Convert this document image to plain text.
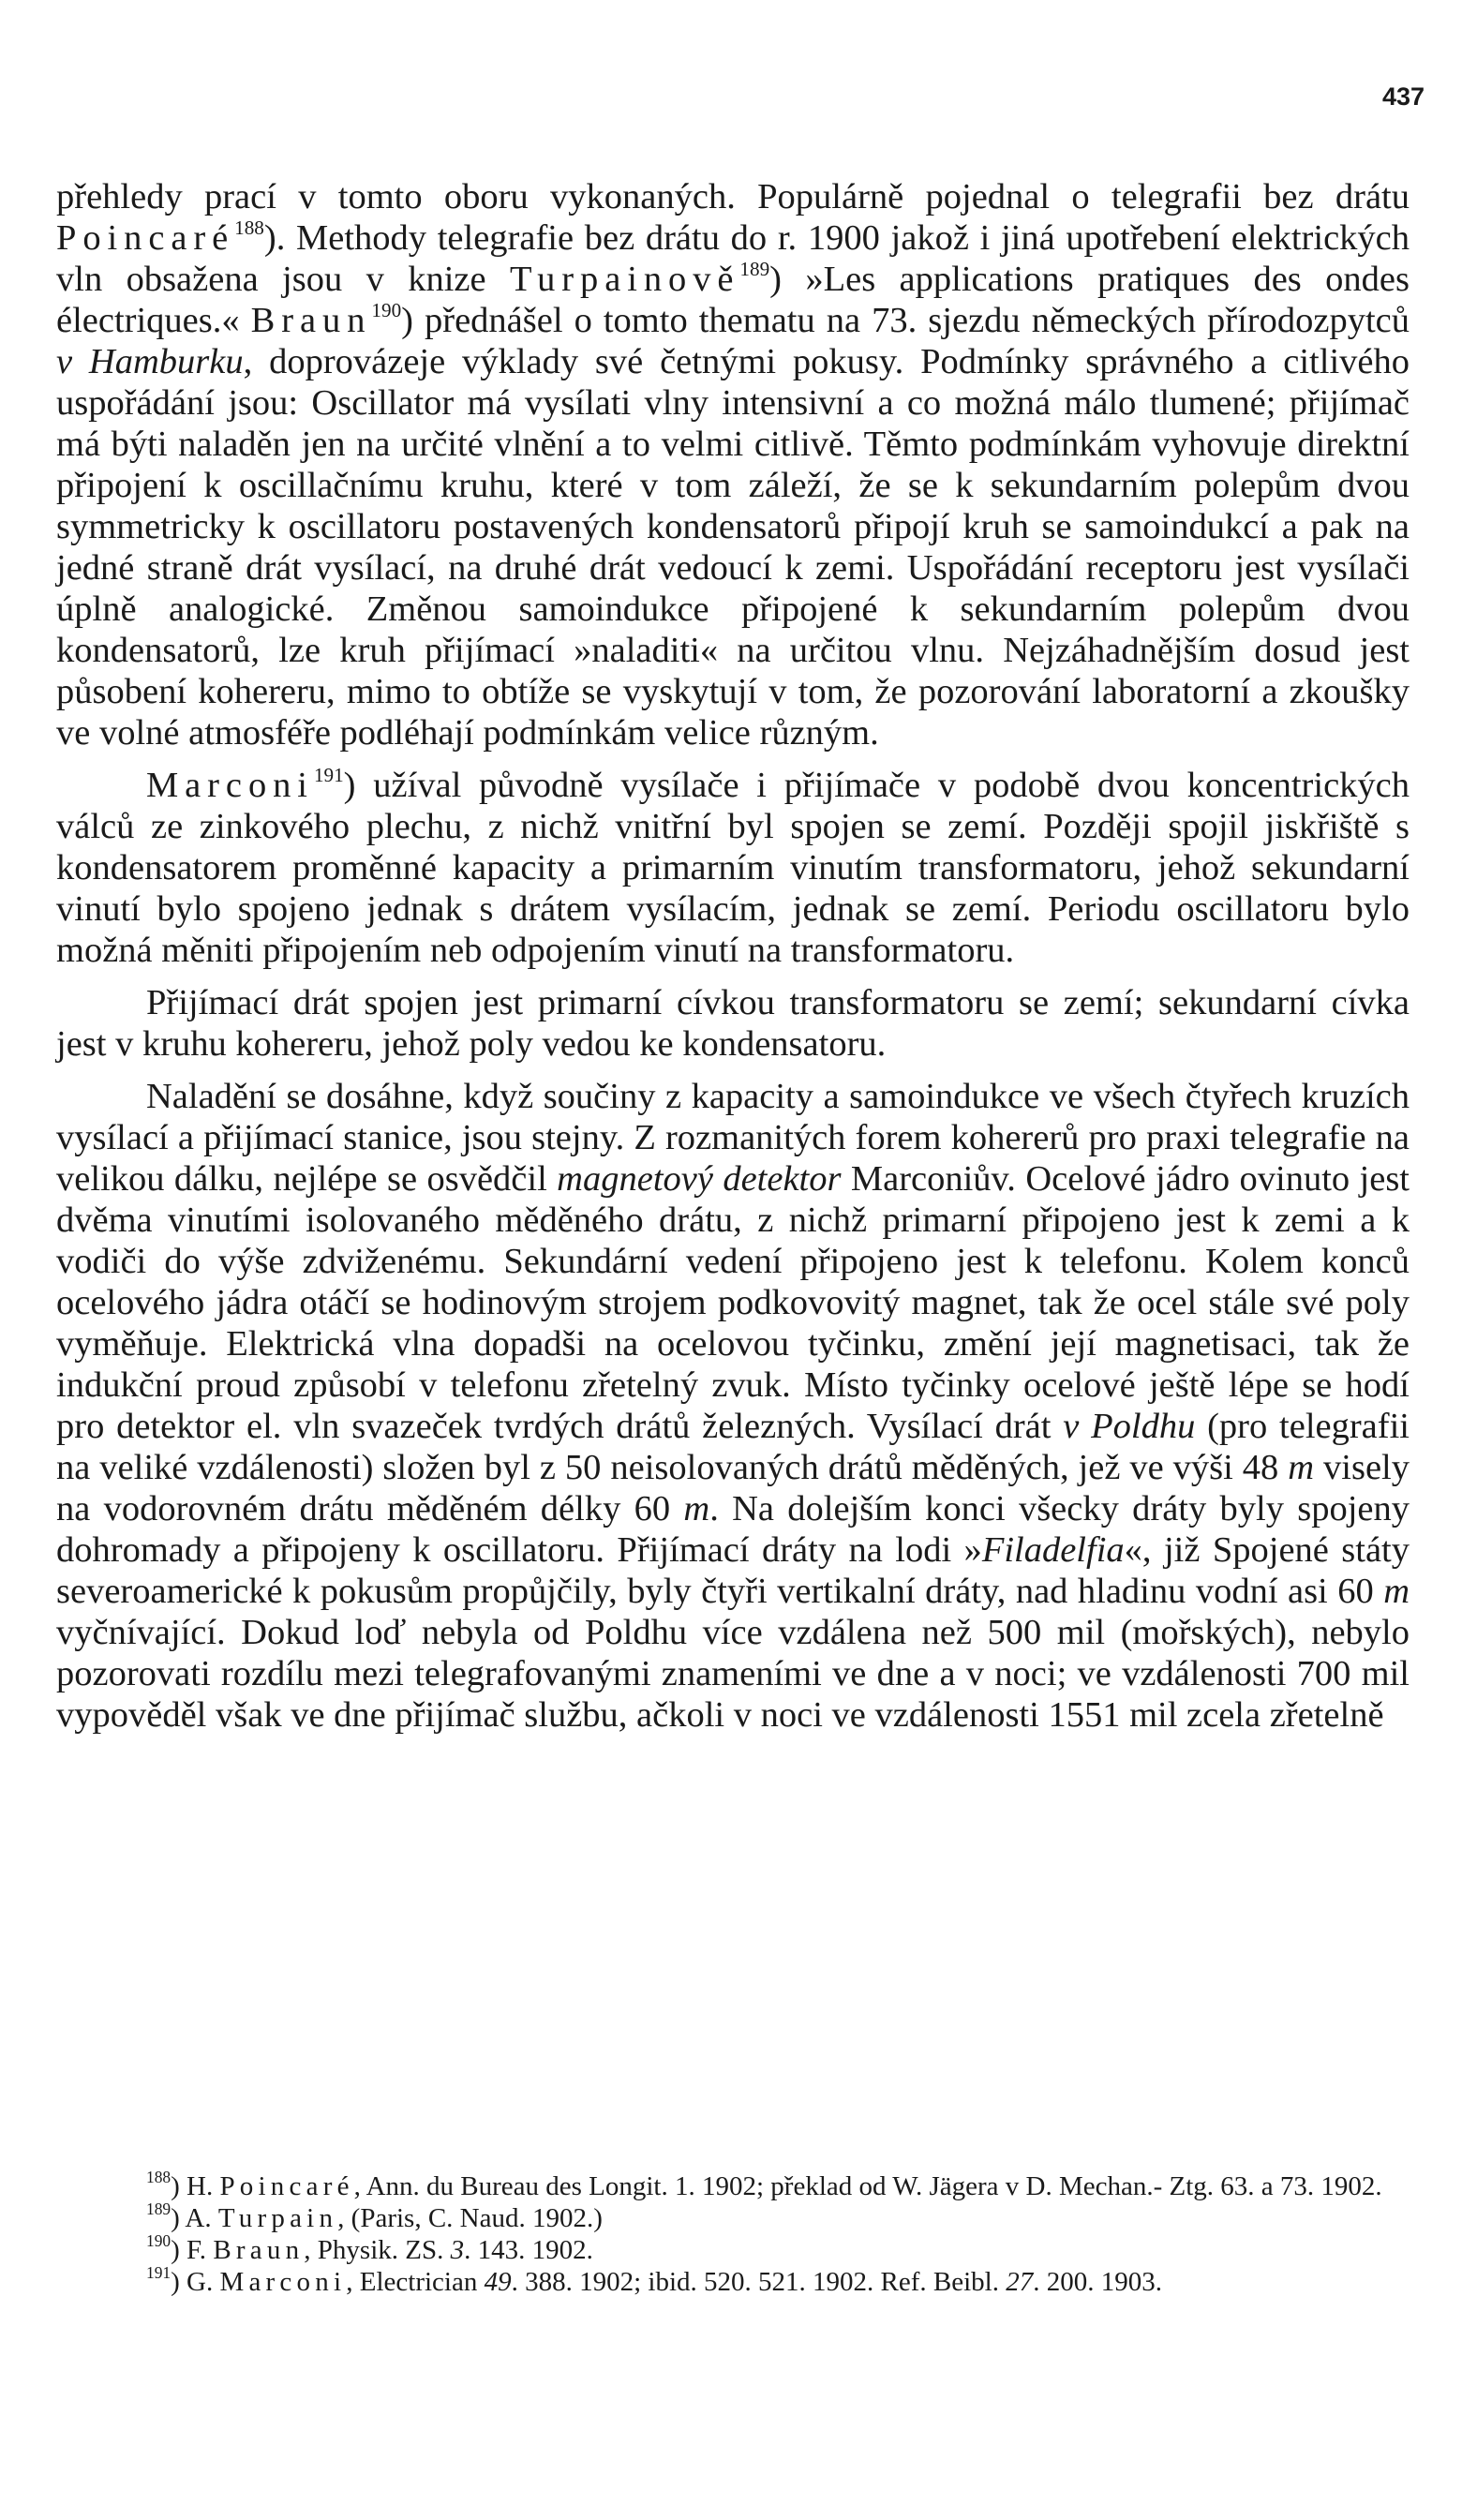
437

přehledy prací v tomto oboru vykonaných. Populárně pojednal o telegrafii bez drátu Poincaré$^{188}$). Methody telegrafie bez drátu do r. 1900 jakož i jiná upotřebení elektrických vln obsažena jsou v knize Turpainově$^{189}$) »Les applications pratiques des ondes électriques.« Braun$^{190}$) přednášel o tomto thematu na 73. sjezdu německých přírodozpytců v Hamburku, doprovázeje výklady své četnými pokusy. Podmínky správného a citlivého uspořádání jsou: Oscillator má vysílati vlny intensivní a co možná málo tlumené; přijímač má býti naladěn jen na určité vlnění a to velmi citlivě. Těmto podmínkám vyhovuje direktní připojení k oscillačnímu kruhu, které v tom záleží, že se k sekundarním polepům dvou symmetricky k oscillatoru postavených kondensatorů připojí kruh se samoindukcí a pak na jedné straně drát vysílací, na druhé drát vedoucí k zemi. Uspořádání receptoru jest vysílači úplně analogické. Změnou samoindukce připojené k sekundarním polepům dvou kondensatorů, lze kruh přijímací »naladiti« na určitou vlnu. Nejzáhadnějším dosud jest působení kohereru, mimo to obtíže se vyskytují v tom, že pozorování laboratorní a zkoušky ve volné atmosféře podléhají podmínkám velice různým.

Marconi$^{191}$) užíval původně vysílače i přijímače v podobě dvou koncentrických válců ze zinkového plechu, z nichž vnitřní byl spojen se zemí. Později spojil jiskřiště s kondensatorem proměnné kapacity a primarním vinutím transformatoru, jehož sekundarní vinutí bylo spojeno jednak s drátem vysílacím, jednak se zemí. Periodu oscillatoru bylo možná měniti připojením neb odpojením vinutí na transformatoru.

Přijímací drát spojen jest primarní cívkou transformatoru se zemí; sekundarní cívka jest v kruhu kohereru, jehož poly vedou ke kondensatoru.

Naladění se dosáhne, když součiny z kapacity a samoindukce ve všech čtyřech kruzích vysílací a přijímací stanice, jsou stejny. Z rozmanitých forem kohererů pro praxi telegrafie na velikou dálku, nejlépe se osvědčil magnetový detektor Marconiův. Ocelové jádro ovinuto jest dvěma vinutími isolovaného měděného drátu, z nichž primarní připojeno jest k zemi a k vodiči do výše zdviženému. Sekundární vedení připojeno jest k telefonu. Kolem konců ocelového jádra otáčí se hodinovým strojem podkovovitý magnet, tak že ocel stále své poly vyměňuje. Elektrická vlna dopadši na ocelovou tyčinku, změní její magnetisaci, tak že indukční proud způsobí v telefonu zřetelný zvuk. Místo tyčinky ocelové ještě lépe se hodí pro detektor el. vln svazeček tvrdých drátů železných. Vysílací drát v Poldhu (pro telegrafii na veliké vzdálenosti) složen byl z 50 neisolovaných drátů měděných, jež ve výši 48 m visely na vodorovném drátu měděném délky 60 m. Na dolejším konci všecky dráty byly spojeny dohromady a připojeny k oscillatoru. Přijímací dráty na lodi »Filadelfia«, již Spojené státy severoamerické k pokusům propůjčily, byly čtyři vertikalní dráty, nad hladinu vodní asi 60 m vyčnívající. Dokud loď nebyla od Poldhu více vzdálena než 500 mil (mořských), nebylo pozorovati rozdílu mezi telegrafovanými znameními ve dne a v noci; ve vzdálenosti 700 mil vypověděl však ve dne přijímač službu, ačkoli v noci ve vzdálenosti 1551 mil zcela zřetelně

$^{188}$) H. Poincaré, Ann. du Bureau des Longit. 1. 1902; překlad od W. Jägera v D. Mechan.- Ztg. 63. a 73. 1902.

$^{189}$) A. Turpain, (Paris, C. Naud. 1902.)

$^{190}$) F. Braun, Physik. ZS. 3. 143. 1902.

$^{191}$) G. Marconi, Electrician 49. 388. 1902; ibid. 520. 521. 1902. Ref. Beibl. 27. 200. 1903.
